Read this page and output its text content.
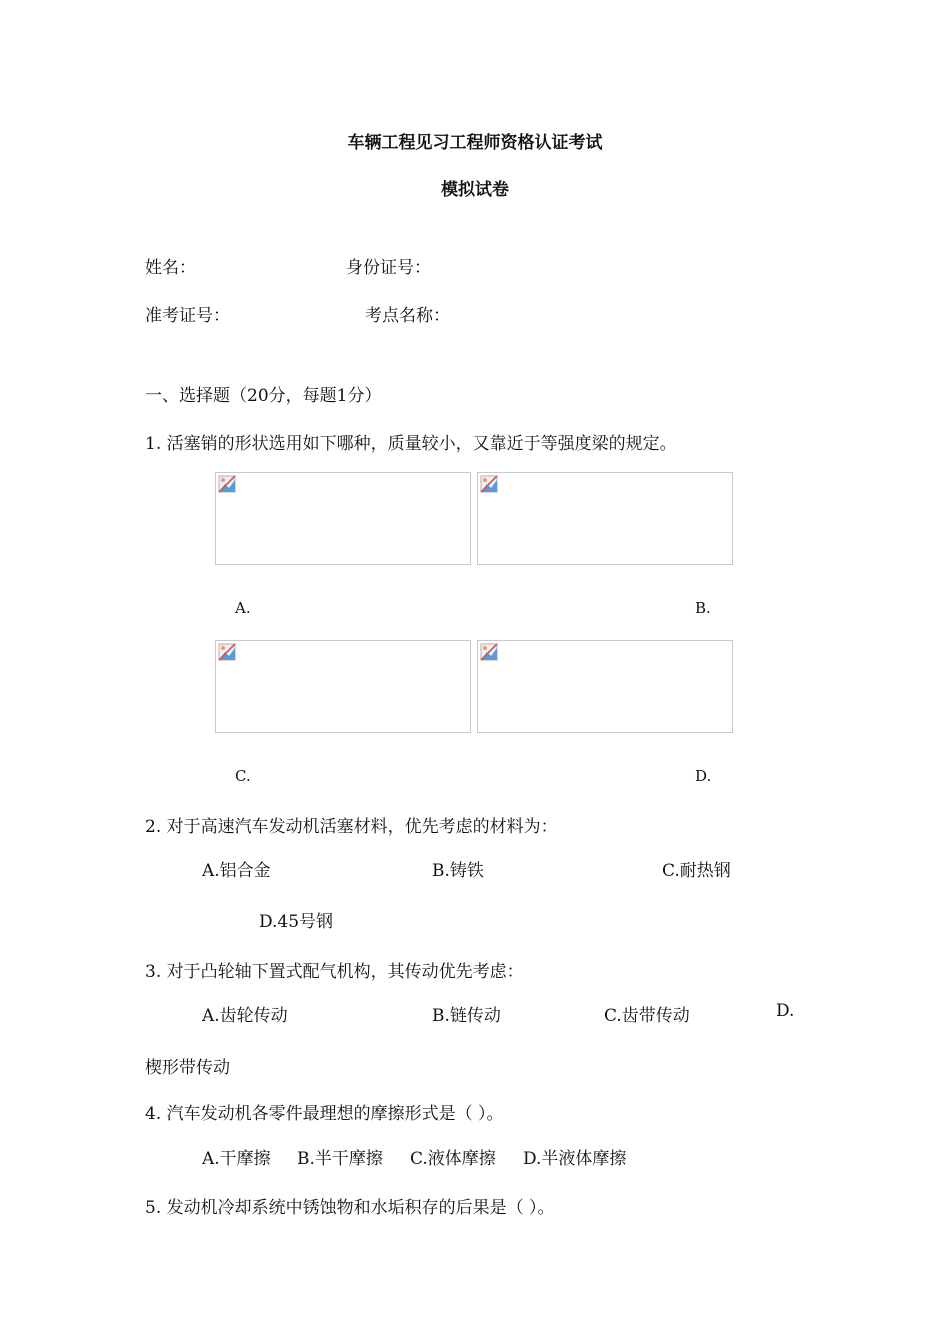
车辆工程见习工程师资格认证考试
模拟试卷
姓名：	身份证号：
准考证号：	考点名称：
一、选择题（20分，每题1分）
1. 活塞销的形状选用如下哪种，质量较小，又靠近于等强度梁的规定。
A.	B.
C.	D.
2. 对于高速汽车发动机活塞材料，优先考虑的材料为：
A.铝合金	B.铸铁	C.耐热钢
D.45号钢
3. 对于凸轮轴下置式配气机构，其传动优先考虑：
A.齿轮传动	B.链传动	C.齿带传动	D.
楔形带传动
4. 汽车发动机各零件最理想的摩擦形式是（ ）。
A.干摩擦 B.半干摩擦 C.液体摩擦 D.半液体摩擦
5. 发动机冷却系统中锈蚀物和水垢积存的后果是（ ）。
